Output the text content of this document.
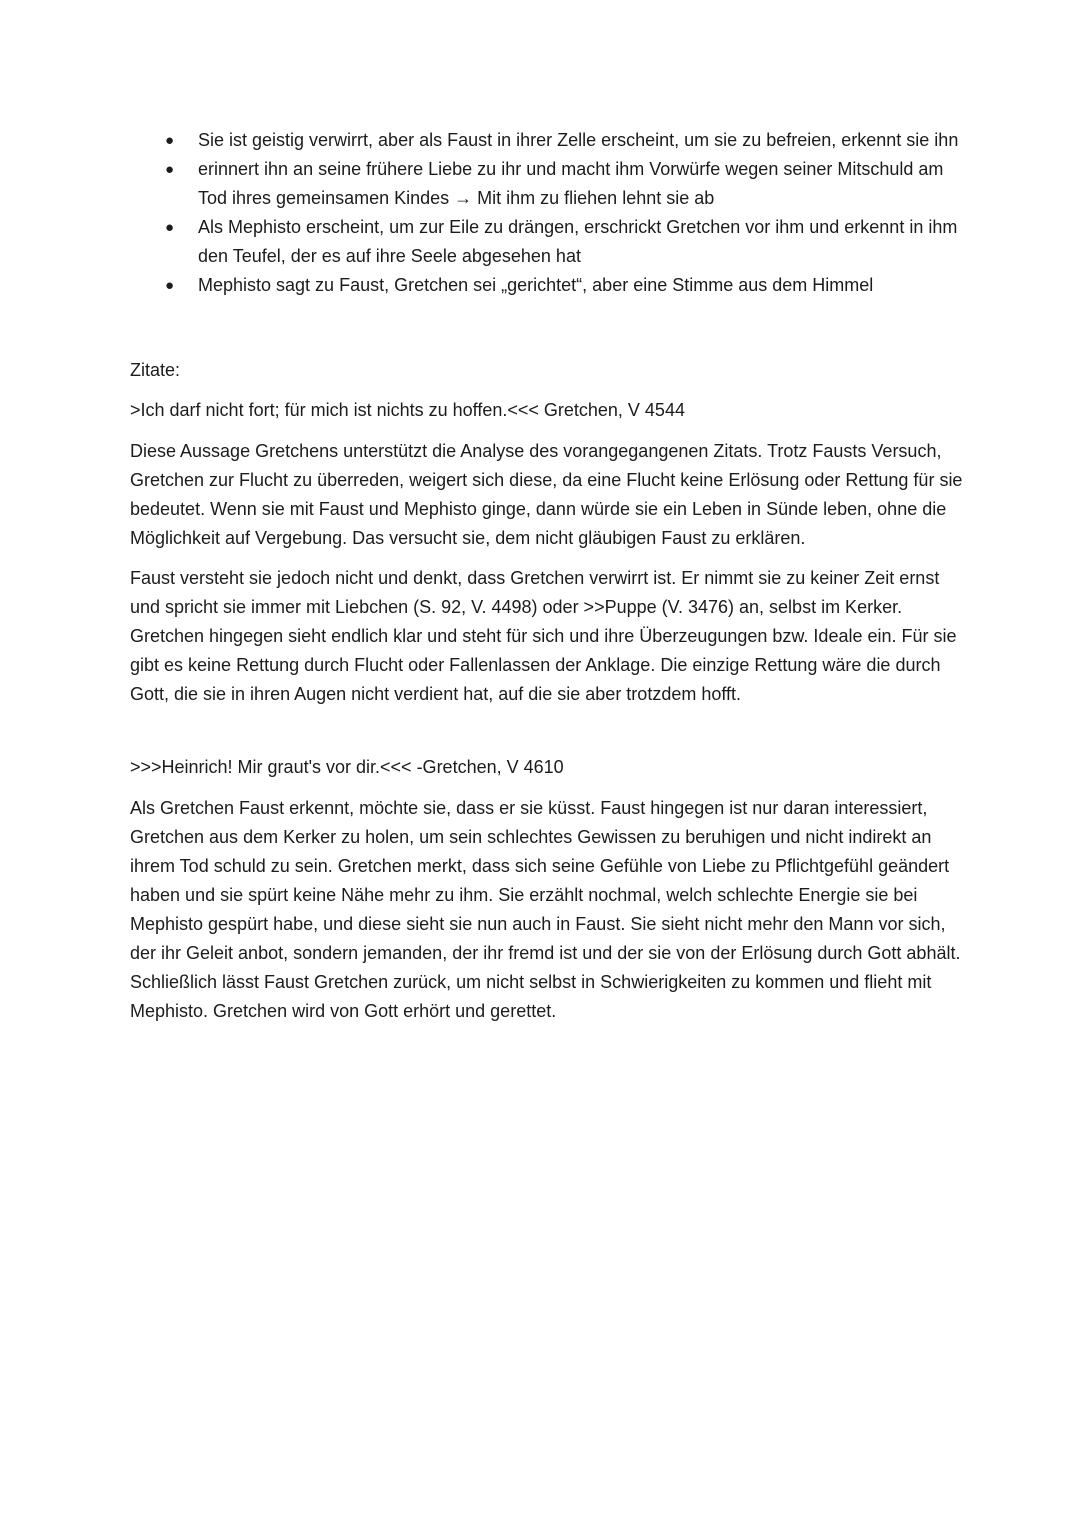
●	Sie ist geistig verwirrt, aber als Faust in ihrer Zelle erscheint, um sie zu befreien, erkennt sie ihn
●	erinnert ihn an seine frühere Liebe zu ihr und macht ihm Vorwürfe wegen seiner Mitschuld am Tod ihres gemeinsamen Kindes → Mit ihm zu fliehen lehnt sie ab
●	Als Mephisto erscheint, um zur Eile zu drängen, erschrickt Gretchen vor ihm und erkennt in ihm den Teufel, der es auf ihre Seele abgesehen hat
●	Mephisto sagt zu Faust, Gretchen sei „gerichtet“, aber eine Stimme aus dem Himmel

Zitate:

>Ich darf nicht fort; für mich ist nichts zu hoffen.<<< Gretchen, V 4544

Diese Aussage Gretchens unterstützt die Analyse des vorangegangenen Zitats. Trotz Fausts Versuch, Gretchen zur Flucht zu überreden, weigert sich diese, da eine Flucht keine Erlösung oder Rettung für sie bedeutet. Wenn sie mit Faust und Mephisto ginge, dann würde sie ein Leben in Sünde leben, ohne die Möglichkeit auf Vergebung. Das versucht sie, dem nicht gläubigen Faust zu erklären.

Faust versteht sie jedoch nicht und denkt, dass Gretchen verwirrt ist. Er nimmt sie zu keiner Zeit ernst und spricht sie immer mit Liebchen (S. 92, V. 4498) oder >>Puppe (V. 3476) an, selbst im Kerker. Gretchen hingegen sieht endlich klar und steht für sich und ihre Überzeugungen bzw. Ideale ein. Für sie gibt es keine Rettung durch Flucht oder Fallenlassen der Anklage. Die einzige Rettung wäre die durch Gott, die sie in ihren Augen nicht verdient hat, auf die sie aber trotzdem hofft.

>>>Heinrich! Mir graut's vor dir.<<< -Gretchen, V 4610

Als Gretchen Faust erkennt, möchte sie, dass er sie küsst. Faust hingegen ist nur daran interessiert, Gretchen aus dem Kerker zu holen, um sein schlechtes Gewissen zu beruhigen und nicht indirekt an ihrem Tod schuld zu sein. Gretchen merkt, dass sich seine Gefühle von Liebe zu Pflichtgefühl geändert haben und sie spürt keine Nähe mehr zu ihm. Sie erzählt nochmal, welch schlechte Energie sie bei Mephisto gespürt habe, und diese sieht sie nun auch in Faust. Sie sieht nicht mehr den Mann vor sich, der ihr Geleit anbot, sondern jemanden, der ihr fremd ist und der sie von der Erlösung durch Gott abhält. Schließlich lässt Faust Gretchen zurück, um nicht selbst in Schwierigkeiten zu kommen und flieht mit Mephisto. Gretchen wird von Gott erhört und gerettet.
